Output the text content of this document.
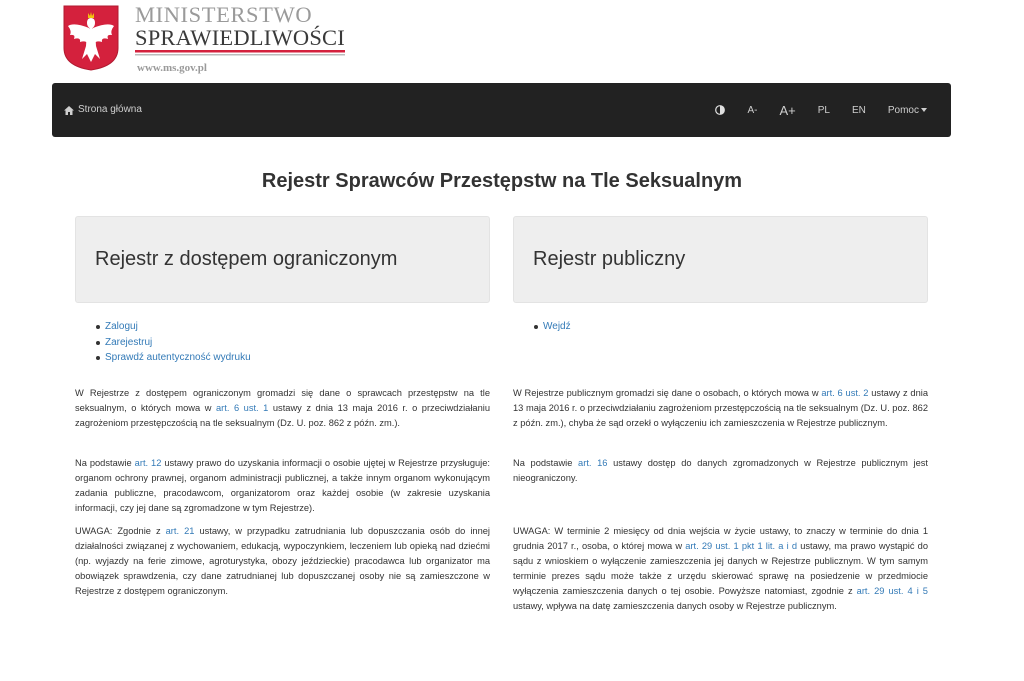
MINISTERSTWO
SPRAWIEDLIWOŚCI
www.ms.gov.pl
Strona główna	A-	A+	PL	EN	Pomoc
Rejestr Sprawców Przestępstw na Tle Seksualnym
Rejestr z dostępem ograniczonym
Zaloguj
Zarejestruj
Sprawdź autentyczność wydruku

W Rejestrze z dostępem ograniczonym gromadzi się dane o sprawcach przestępstw na tle seksualnym, o których mowa w art. 6 ust. 1 ustawy z dnia 13 maja 2016 r. o przeciwdziałaniu zagrożeniom przestępczością na tle seksualnym (Dz. U. poz. 862 z późn. zm.).

Na podstawie art. 12 ustawy prawo do uzyskania informacji o osobie ujętej w Rejestrze przysługuje: organom ochrony prawnej, organom administracji publicznej, a także innym organom wykonującym zadania publiczne, pracodawcom, organizatorom oraz każdej osobie (w zakresie uzyskania informacji, czy jej dane są zgromadzone w tym Rejestrze).

UWAGA: Zgodnie z art. 21 ustawy, w przypadku zatrudniania lub dopuszczania osób do innej działalności związanej z wychowaniem, edukacją, wypoczynkiem, leczeniem lub opieką nad dziećmi (np. wyjazdy na ferie zimowe, agroturystyka, obozy jeździeckie) pracodawca lub organizator ma obowiązek sprawdzenia, czy dane zatrudnianej lub dopuszczanej osoby nie są zamieszczone w Rejestrze z dostępem ograniczonym.

Rejestr publiczny
Wejdź

W Rejestrze publicznym gromadzi się dane o osobach, o których mowa w art. 6 ust. 2 ustawy z dnia 13 maja 2016 r. o przeciwdziałaniu zagrożeniom przestępczością na tle seksualnym (Dz. U. poz. 862 z późn. zm.), chyba że sąd orzekł o wyłączeniu ich zamieszczenia w Rejestrze publicznym.

Na podstawie art. 16 ustawy dostęp do danych zgromadzonych w Rejestrze publicznym jest nieograniczony.

UWAGA: W terminie 2 miesięcy od dnia wejścia w życie ustawy, to znaczy w terminie do dnia 1 grudnia 2017 r., osoba, o której mowa w art. 29 ust. 1 pkt 1 lit. a i d ustawy, ma prawo wystąpić do sądu z wnioskiem o wyłączenie zamieszczenia jej danych w Rejestrze publicznym. W tym samym terminie prezes sądu może także z urzędu skierować sprawę na posiedzenie w przedmiocie wyłączenia zamieszczenia danych o tej osobie. Powyższe natomiast, zgodnie z art. 29 ust. 4 i 5 ustawy, wpływa na datę zamieszczenia danych osoby w Rejestrze publicznym.
